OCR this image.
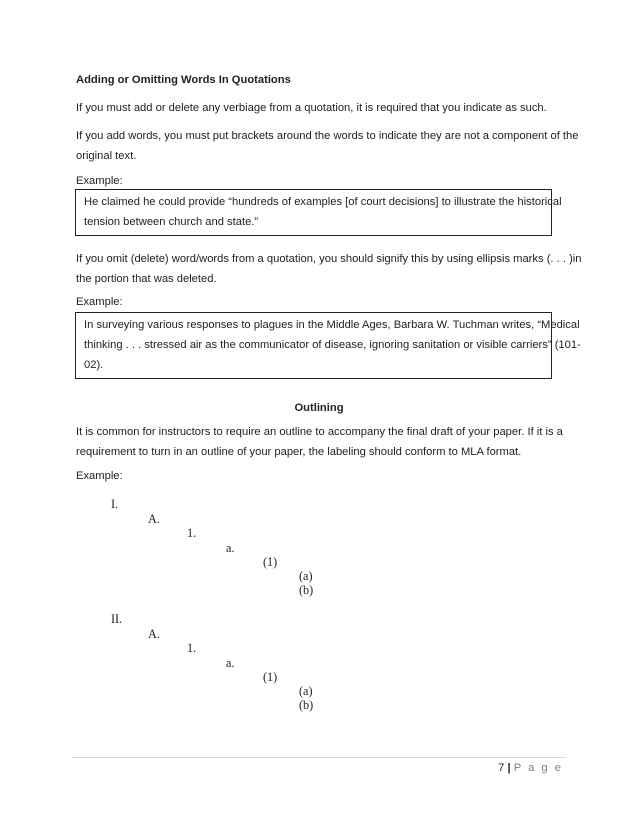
Adding or Omitting Words In Quotations
If you must add or delete any verbiage from a quotation, it is required that you indicate as such.
If you add words, you must put brackets around the words to indicate they are not a component of the
original text.
Example:
He claimed he could provide “hundreds of examples [of court decisions] to illustrate the historical
tension between church and state.”
If you omit (delete) word/words from a quotation, you should signify this by using ellipsis marks (. . . )in
the portion that was deleted.
Example:
In surveying various responses to plagues in the Middle Ages, Barbara W. Tuchman writes, “Medical
thinking . . . stressed air as the communicator of disease, ignoring sanitation or visible carriers” (101-
02).
Outlining
It is common for instructors to require an outline to accompany the final draft of your paper. If it is a
requirement to turn in an outline of your paper, the labeling should conform to MLA format.
Example:
I.
A.
1.
a.
(1)
(a)
(b)
II.
A.
1.
a.
(1)
(a)
(b)
7 | P a g e
